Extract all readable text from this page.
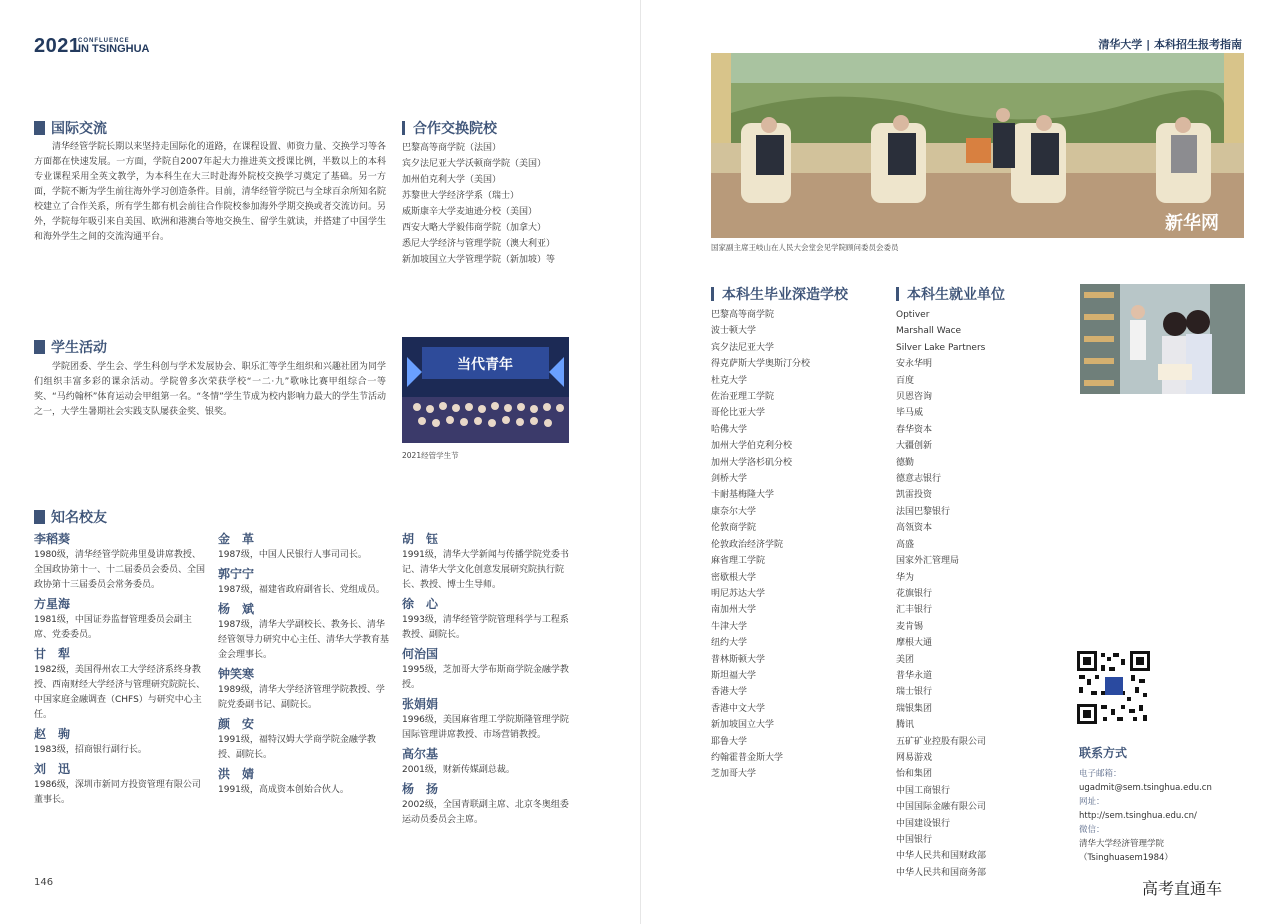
2021
CONFLUENCE
IN TSINGHUA	清华大学 | 本科招生报考指南
国际交流
清华经管学院长期以来坚持走国际化的道路，在课程设置、师资力量、交换学习等各方面都在快速发展。一方面，学院自2007年起大力推进英文授课比例，半数以上的本科专业课程采用全英文教学，为本科生在大三时赴海外院校交换学习奠定了基础。另一方面，学院不断为学生前往海外学习创造条件。目前，清华经管学院已与全球百余所知名院校建立了合作关系，所有学生都有机会前往合作院校参加海外学期交换或者交流访问。另外，学院每年吸引来自美国、欧洲和港澳台等地交换生、留学生就读，并搭建了中国学生和海外学生之间的交流沟通平台。
合作交换院校
巴黎高等商学院（法国）
宾夕法尼亚大学沃顿商学院（美国）
加州伯克利大学（美国）
苏黎世大学经济学系（瑞士）
威斯康辛大学麦迪逊分校（美国）
西安大略大学毅伟商学院（加拿大）
悉尼大学经济与管理学院（澳大利亚）
新加坡国立大学管理学院（新加坡）等
新华网
国家副主席王岐山在人民大会堂会见学院顾问委员会委员
学生活动
学院团委、学生会、学生科创与学术发展协会、职乐汇等学生组织和兴趣社团为同学们组织丰富多彩的课余活动。学院曾多次荣获学校“一二·九”歌咏比赛甲组综合一等奖、“马约翰杯”体育运动会甲组第一名。“冬情”学生节成为校内影响力最大的学生节活动之一，大学生暑期社会实践支队屡获金奖、银奖。
当代青年
2021经管学生节
知名校友
李稻葵
1980级，清华经管学院弗里曼讲席教授、全国政协第十一、十二届委员会委员、全国政协第十三届委员会常务委员。
方星海
1981级，中国证券监督管理委员会副主席、党委委员。
甘　犁
1982级，美国得州农工大学经济系终身教授、西南财经大学经济与管理研究院院长、中国家庭金融调查（CHFS）与研究中心主任。
赵　驹
1983级，招商银行副行长。
刘　迅
1986级，深圳市新同方投资管理有限公司董事长。
金　革
1987级，中国人民银行人事司司长。
郭宁宁
1987级，福建省政府副省长、党组成员。
杨　斌
1987级，清华大学副校长、教务长、清华经管领导力研究中心主任、清华大学教育基金会理事长。
钟笑寒
1989级，清华大学经济管理学院教授、学院党委副书记、副院长。
颜　安
1991级，福特汉姆大学商学院金融学教授、副院长。
洪　婧
1991级，高成资本创始合伙人。
胡　钰
1991级，清华大学新闻与传播学院党委书记、清华大学文化创意发展研究院执行院长、教授、博士生导师。
徐　心
1993级，清华经管学院管理科学与工程系教授、副院长。
何治国
1995级，芝加哥大学布斯商学院金融学教授。
张娟娟
1996级，美国麻省理工学院斯隆管理学院国际管理讲席教授、市场营销教授。
高尔基
2001级，财新传媒副总裁。
杨　扬
2002级，全国青联副主席、北京冬奥组委运动员委员会主席。
146
本科生毕业深造学校
巴黎高等商学院
波士顿大学
宾夕法尼亚大学
得克萨斯大学奥斯汀分校
杜克大学
佐治亚理工学院
哥伦比亚大学
哈佛大学
加州大学伯克利分校
加州大学洛杉矶分校
剑桥大学
卡耐基梅隆大学
康奈尔大学
伦敦商学院
伦敦政治经济学院
麻省理工学院
密歇根大学
明尼苏达大学
南加州大学
牛津大学
纽约大学
普林斯顿大学
斯坦福大学
香港大学
香港中文大学
新加坡国立大学
耶鲁大学
约翰霍普金斯大学
芝加哥大学
本科生就业单位
Optiver
Marshall Wace
Silver Lake Partners
安永华明
百度
贝恩咨询
毕马威
春华资本
大疆创新
德勤
德意志银行
凯雷投资
法国巴黎银行
高瓴资本
高盛
国家外汇管理局
华为
花旗银行
汇丰银行
麦肯锡
摩根大通
美团
普华永道
瑞士银行
瑞银集团
腾讯
五矿矿业控股有限公司
网易游戏
怡和集团
中国工商银行
中国国际金融有限公司
中国建设银行
中国银行
中华人民共和国财政部
中华人民共和国商务部
联系方式
电子邮箱：
ugadmit@sem.tsinghua.edu.cn
网址：
http://sem.tsinghua.edu.cn/
微信：
清华大学经济管理学院
（Tsinghuasem1984）
高考直通车
